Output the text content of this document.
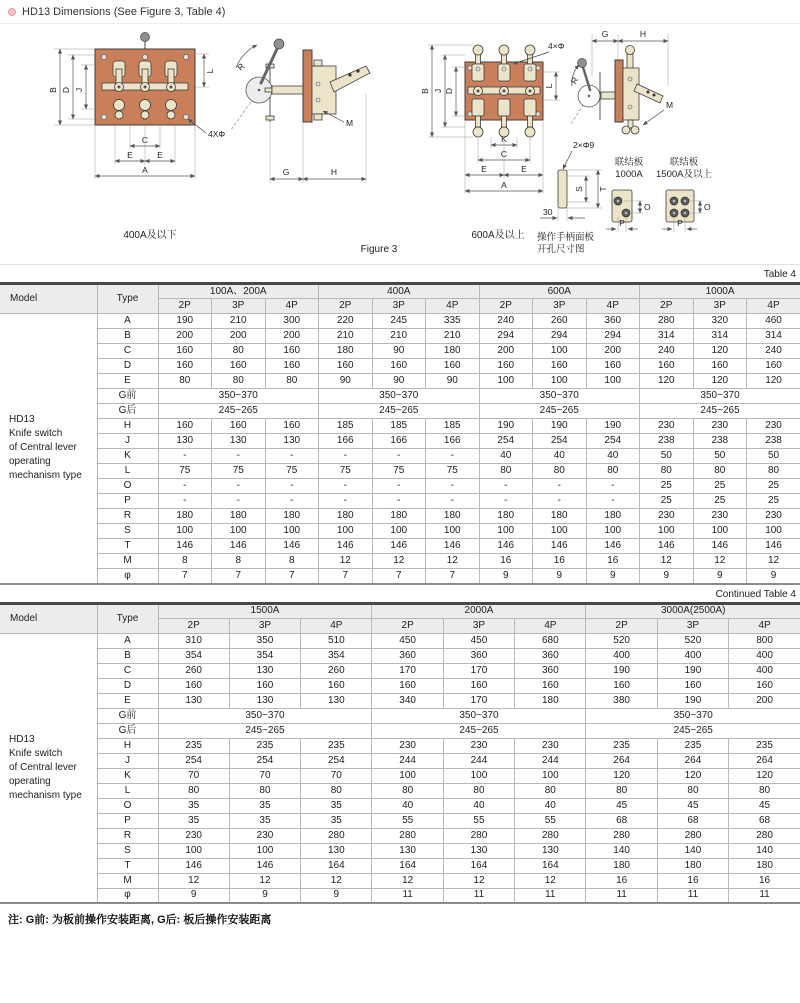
HD13 Dimensions (See Figure 3, Table 4)
B D J
L
4XΦ
C
E	E
A
400A及以下
R
M
G	H
B J D
4×Φ
K
C
E	E
A
L
600A及以上
G	H
R
M
2×Φ9
S T
30
操作手柄面板
开孔尺寸图
联结板
1000A
O
P
联结板
1500A及以上
O
P
Figure 3
Table 4
Model	Type	100A、200A			400A			600A			1000A		
		2P	3P	4P	2P	3P	4P	2P	3P	4P	2P	3P	4P

HD13
Knife switch
of Central lever
operating
mechanism type	A	190	210	300	220	245	335	240	260	360	280	320	460
	B	200	200	200	210	210	210	294	294	294	314	314	314
	C	160	80	160	180	90	180	200	100	200	240	120	240
	D	160	160	160	160	160	160	160	160	160	160	160	160
	E	80	80	80	90	90	90	100	100	100	120	120	120
	G前	350~370			350~370			350~370			350~370		
	G后	245~265			245~265			245~265			245~265		
	H	160	160	160	185	185	185	190	190	190	230	230	230
	J	130	130	130	166	166	166	254	254	254	238	238	238
	K	-	-	-	-	-	-	40	40	40	50	50	50
	L	75	75	75	75	75	75	80	80	80	80	80	80
	O	-	-	-	-	-	-	-	-	-	25	25	25
	P	-	-	-	-	-	-	-	-	-	25	25	25
	R	180	180	180	180	180	180	180	180	180	230	230	230
	S	100	100	100	100	100	100	100	100	100	100	100	100
	T	146	146	146	146	146	146	146	146	146	146	146	146
	M	8	8	8	12	12	12	16	16	16	12	12	12
	φ	7	7	7	7	7	7	9	9	9	9	9	9
Continued Table 4
Model	Type	1500A			2000A			3000A(2500A)		
		2P	3P	4P	2P	3P	4P	2P	3P	4P

HD13
Knife switch
of Central lever
operating
mechanism type	A	310	350	510	450	450	680	520	520	800
	B	354	354	354	360	360	360	400	400	400
	C	260	130	260	170	170	360	190	190	400
	D	160	160	160	160	160	160	160	160	160
	E	130	130	130	340	170	180	380	190	200
	G前	350~370			350~370			350~370		
	G后	245~265			245~265			245~265		
	H	235	235	235	230	230	230	235	235	235
	J	254	254	254	244	244	244	264	264	264
	K	70	70	70	100	100	100	120	120	120
	L	80	80	80	80	80	80	80	80	80
	O	35	35	35	40	40	40	45	45	45
	P	35	35	35	55	55	55	68	68	68
	R	230	230	280	280	280	280	280	280	280
	S	100	100	130	130	130	130	140	140	140
	T	146	146	164	164	164	164	180	180	180
	M	12	12	12	12	12	12	16	16	16
	φ	9	9	9	11	11	11	11	11	11
注: G前: 为板前操作安装距离, G后: 板后操作安装距离
